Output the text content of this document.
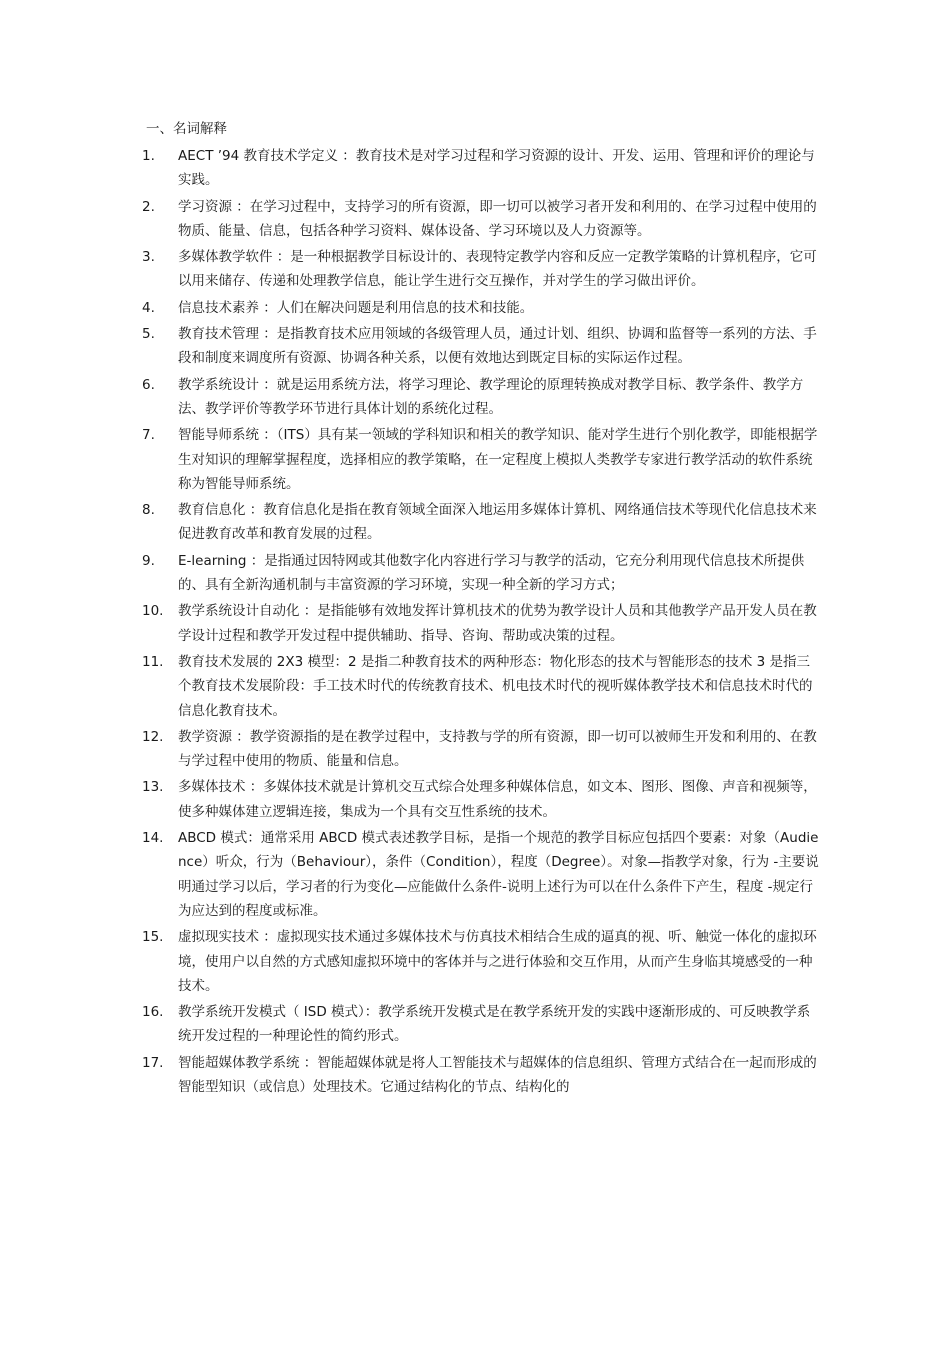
一、名词解释
1.	AECT ’94 教育技术学定义 ：教育技术是对学习过程和学习资源的设计、开发、运用、管理和评价的理论与实践。
2.	学习资源 ：在学习过程中，支持学习的所有资源，即一切可以被学习者开发和利用的、在学习过程中使用的物质、能量、信息，包括各种学习资料、媒体设备、学习环境以及人力资源等。
3.	多媒体教学软件 ：是一种根据教学目标设计的、表现特定教学内容和反应一定教学策略的计算机程序，它可以用来储存、传递和处理教学信息，能让学生进行交互操作，并对学生的学习做出评价。
4.	信息技术素养 ：人们在解决问题是利用信息的技术和技能。
5.	教育技术管理 ：是指教育技术应用领域的各级管理人员，通过计划、组织、协调和监督等一系列的方法、手段和制度来调度所有资源、协调各种关系，以便有效地达到既定目标的实际运作过程。
6.	教学系统设计 ：就是运用系统方法，将学习理论、教学理论的原理转换成对教学目标、教学条件、教学方法、教学评价等教学环节进行具体计划的系统化过程。
7.	智能导师系统 ：（ITS）具有某一领域的学科知识和相关的教学知识、能对学生进行个别化教学，即能根据学生对知识的理解掌握程度，选择相应的教学策略，在一定程度上模拟人类教学专家进行教学活动的软件系统称为智能导师系统。
8.	教育信息化 ：教育信息化是指在教育领域全面深入地运用多媒体计算机、网络通信技术等现代化信息技术来促进教育改革和教育发展的过程。
9.	E-learning ：是指通过因特网或其他数字化内容进行学习与教学的活动，它充分利用现代信息技术所提供的、具有全新沟通机制与丰富资源的学习环境，实现一种全新的学习方式；
10.	教学系统设计自动化 ：是指能够有效地发挥计算机技术的优势为教学设计人员和其他教学产品开发人员在教学设计过程和教学开发过程中提供辅助、指导、咨询、帮助或决策的过程。
11.	教育技术发展的 2X3 模型：2 是指二种教育技术的两种形态：物化形态的技术与智能形态的技术 3 是指三个教育技术发展阶段：手工技术时代的传统教育技术、机电技术时代的视听媒体教学技术和信息技术时代的信息化教育技术。
12.	教学资源 ：教学资源指的是在教学过程中，支持教与学的所有资源，即一切可以被师生开发和利用的、在教与学过程中使用的物质、能量和信息。
13.	多媒体技术 ：多媒体技术就是计算机交互式综合处理多种媒体信息，如文本、图形、图像、声音和视频等，使多种媒体建立逻辑连接，集成为一个具有交互性系统的技术。
14.	ABCD 模式：通常采用 ABCD 模式表述教学目标，是指一个规范的教学目标应包括四个要素：对象（Audience）听众，行为（Behaviour），条件（Condition），程度（Degree）。对象—指教学对象，行为 -主要说明通过学习以后，学习者的行为变化—应能做什么条件-说明上述行为可以在什么条件下产生，程度 -规定行为应达到的程度或标准。
15.	虚拟现实技术 ：虚拟现实技术通过多媒体技术与仿真技术相结合生成的逼真的视、听、触觉一体化的虚拟环境，使用户以自然的方式感知虚拟环境中的客体并与之进行体验和交互作用，从而产生身临其境感受的一种技术。
16.	教学系统开发模式（ ISD 模式）：教学系统开发模式是在教学系统开发的实践中逐渐形成的、可反映教学系统开发过程的一种理论性的简约形式。
17.	智能超媒体教学系统 ：智能超媒体就是将人工智能技术与超媒体的信息组织、管理方式结合在一起而形成的智能型知识（或信息）处理技术。它通过结构化的节点、结构化的
